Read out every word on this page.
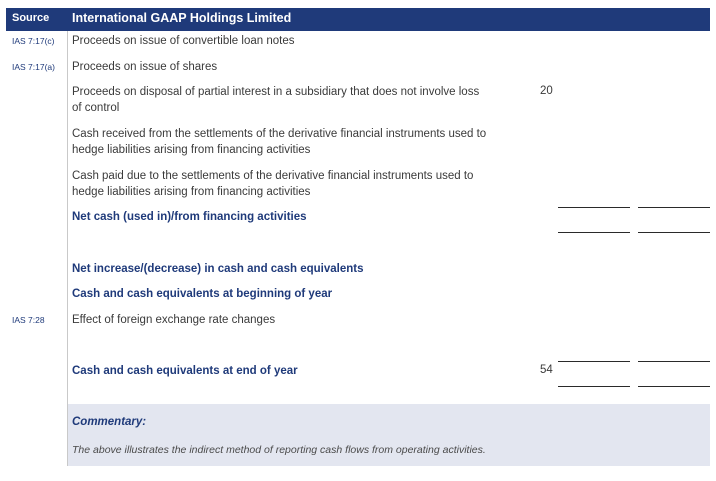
Source International GAAP Holdings Limited
IAS 7:17(c)
IAS 7:17(a)
IAS 7:28
Proceeds on issue of convertible loan notes
Proceeds on issue of shares
Proceeds on disposal of partial interest in a subsidiary that does not involve loss of control
20
Cash received from the settlements of the derivative financial instruments used to hedge liabilities arising from financing activities
Cash paid due to the settlements of the derivative financial instruments used to hedge liabilities arising from financing activities
Net cash (used in)/from financing activities
Net increase/(decrease) in cash and cash equivalents
Cash and cash equivalents at beginning of year
Effect of foreign exchange rate changes
Cash and cash equivalents at end of year	54
Commentary:
The above illustrates the indirect method of reporting cash flows from operating activities.
